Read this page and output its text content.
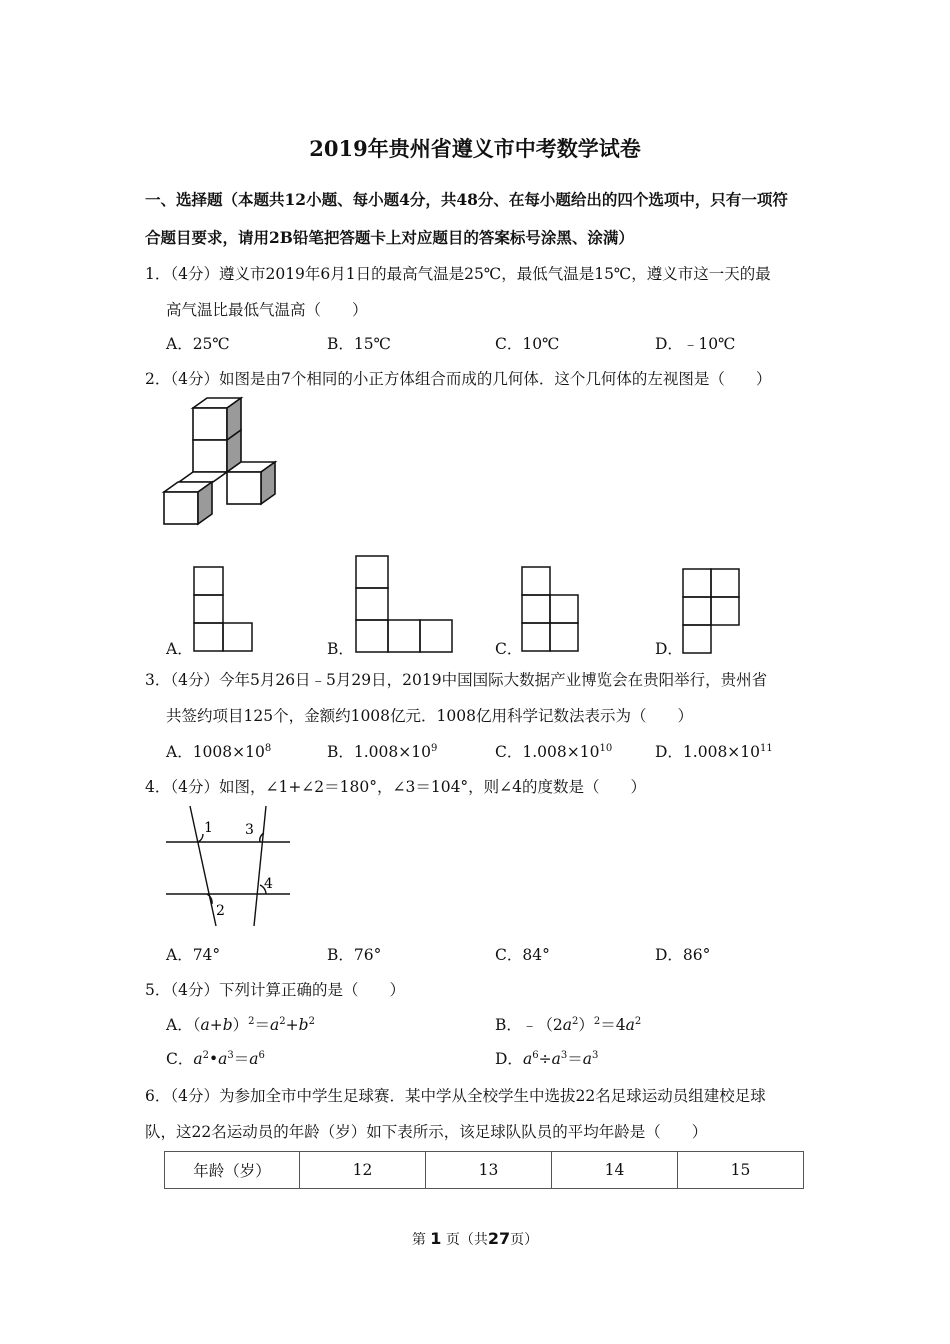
2019年贵州省遵义市中考数学试卷
一、选择题（本题共12小题、每小题4分，共48分、在每小题给出的四个选项中，只有一项符
合题目要求，请用2B铅笔把答题卡上对应题目的答案标号涂黑、涂满）
1．（4分）遵义市2019年6月1日的最高气温是25℃，最低气温是15℃，遵义市这一天的最
高气温比最低气温高（　　）
A．25℃	B．15℃	C．10℃	D．﹣10℃
2．（4分）如图是由7个相同的小正方体组合而成的几何体．这个几何体的左视图是（　　）
A．	B．	C．	D．
3．（4分）今年5月26日﹣5月29日，2019中国国际大数据产业博览会在贵阳举行，贵州省
共签约项目125个，金额约1008亿元．1008亿用科学记数法表示为（　　）
A．$1008\times 10^8$	B．$1.008\times 10^9$	C．$1.008\times 10^{10}$	D．$1.008\times 10^{11}$
4．（4分）如图，∠1+∠2＝180°，∠3＝104°，则∠4的度数是（　　）
1
2
3
4
A．74°	B．76°	C．84°	D．86°
5．（4分）下列计算正确的是（　　）
A．$(a+b)^2=a^2+b^2$	B．$﹣(2a^2)^2=4a^2$
C．$a^2•a^3=a^6$	D．$a^6\div a^3=a^3$
6．（4分）为参加全市中学生足球赛．某中学从全校学生中选拔22名足球运动员组建校足球
队，这22名运动员的年龄（岁）如下表所示，该足球队队员的平均年龄是（　　）
年龄（岁）	12	13	14	15
第 1 页（共27页）
